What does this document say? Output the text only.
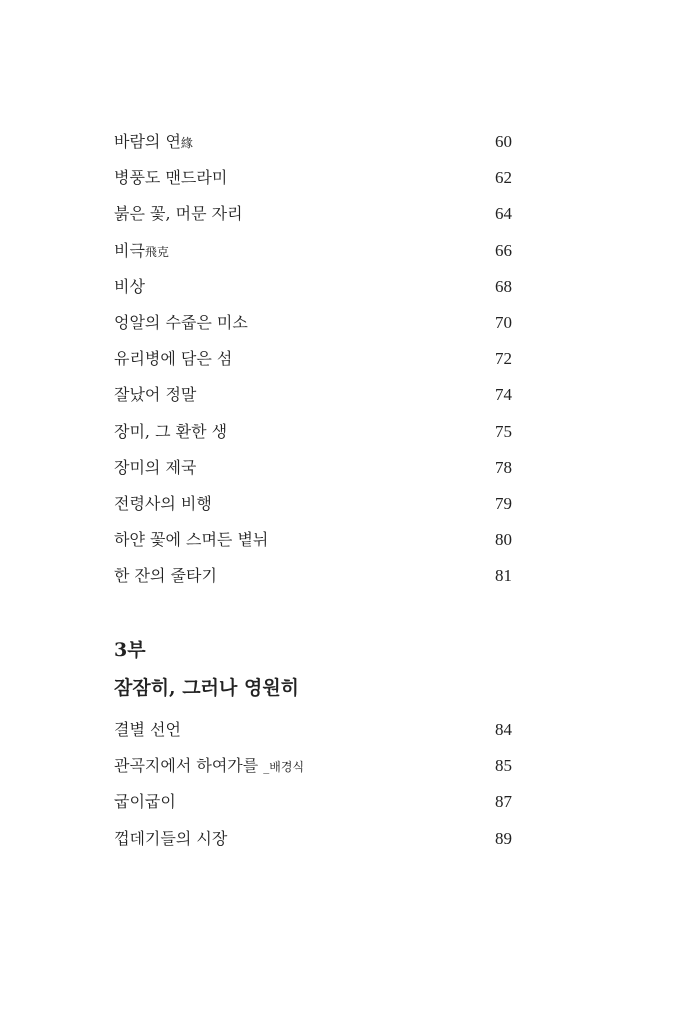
바람의 연緣	60
병풍도 맨드라미	62
붉은 꽃, 머문 자리	64
비극飛克	66
비상	68
엉알의 수줍은 미소	70
유리병에 담은 섬	72
잘났어 정말	74
장미, 그 환한 생	75
장미의 제국	78
전령사의 비행	79
하얀 꽃에 스며든 볕뉘	80
한 잔의 줄타기	81
3부
잠잠히, 그러나 영원히
결별 선언	84
관곡지에서 하여가를 _배경식	85
굽이굽이	87
껍데기들의 시장	89
